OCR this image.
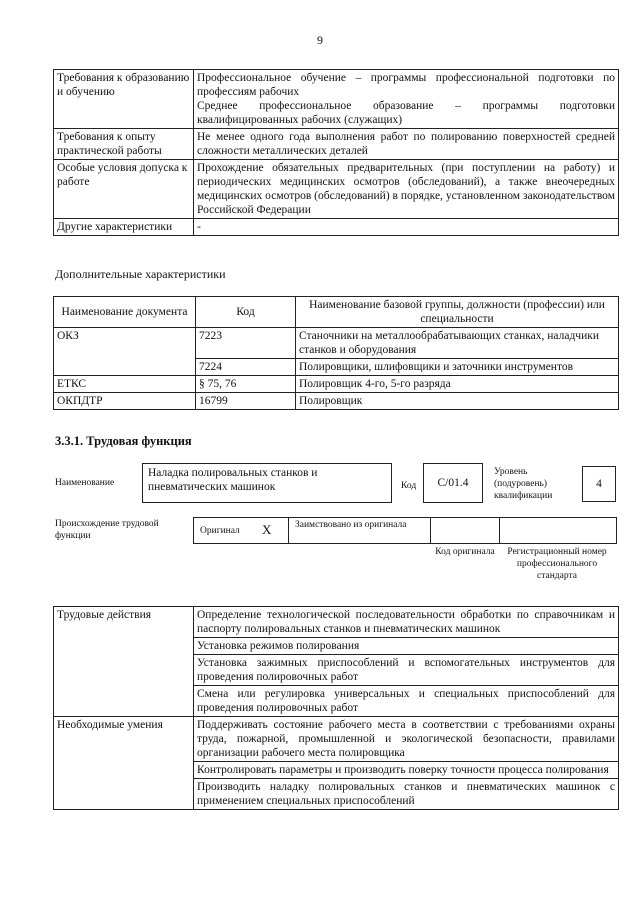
9
Требования к образованию и обучению	Профессиональное обучение – программы профессиональной подготовки по профессиям рабочих
Среднее профессиональное образование – программы подготовки квалифицированных рабочих (служащих)

Требования к опыту практической работы	Не менее одного года выполнения работ по полированию поверхностей средней сложности металлических деталей
Особые условия допуска к работе	Прохождение обязательных предварительных (при поступлении на работу) и периодических медицинских осмотров (обследований), а также внеочередных медицинских осмотров (обследований) в порядке, установленном законодательством Российской Федерации
Другие характеристики	-
Дополнительные характеристики
Наименование документа	Код	Наименование базовой группы, должности (профессии) или специальности
ОКЗ	7223	Станочники на металлообрабатывающих станках, наладчики станков и оборудования
	7224	Полировщики, шлифовщики и заточники инструментов
ЕТКС	§ 75, 76	Полировщик 4-го, 5-го разряда
ОКПДТР	16799	Полировщик
3.3.1. Трудовая функция
Наименование
Наладка полировальных станков и пневматических машинок	Код C/01.4
Уровень (подуровень) квалификации
4
Происхождение трудовой функции	Оригинал X Заимствовано из оригинала
Код оригинала	Регистрационный номер профессионального стандарта
Трудовые действия	Определение технологической последовательности обработки по справочникам и паспорту полировальных станков и пневматических машинок
	Установка режимов полирования
	Установка зажимных приспособлений и вспомогательных инструментов для проведения полировочных работ
	Смена или регулировка универсальных и специальных приспособлений для проведения полировочных работ
Необходимые умения	Поддерживать состояние рабочего места в соответствии с требованиями охраны труда, пожарной, промышленной и экологической безопасности, правилами организации рабочего места полировщика
	Контролировать параметры и производить поверку точности процесса полирования
	Производить наладку полировальных станков и пневматических машинок с применением специальных приспособлений
